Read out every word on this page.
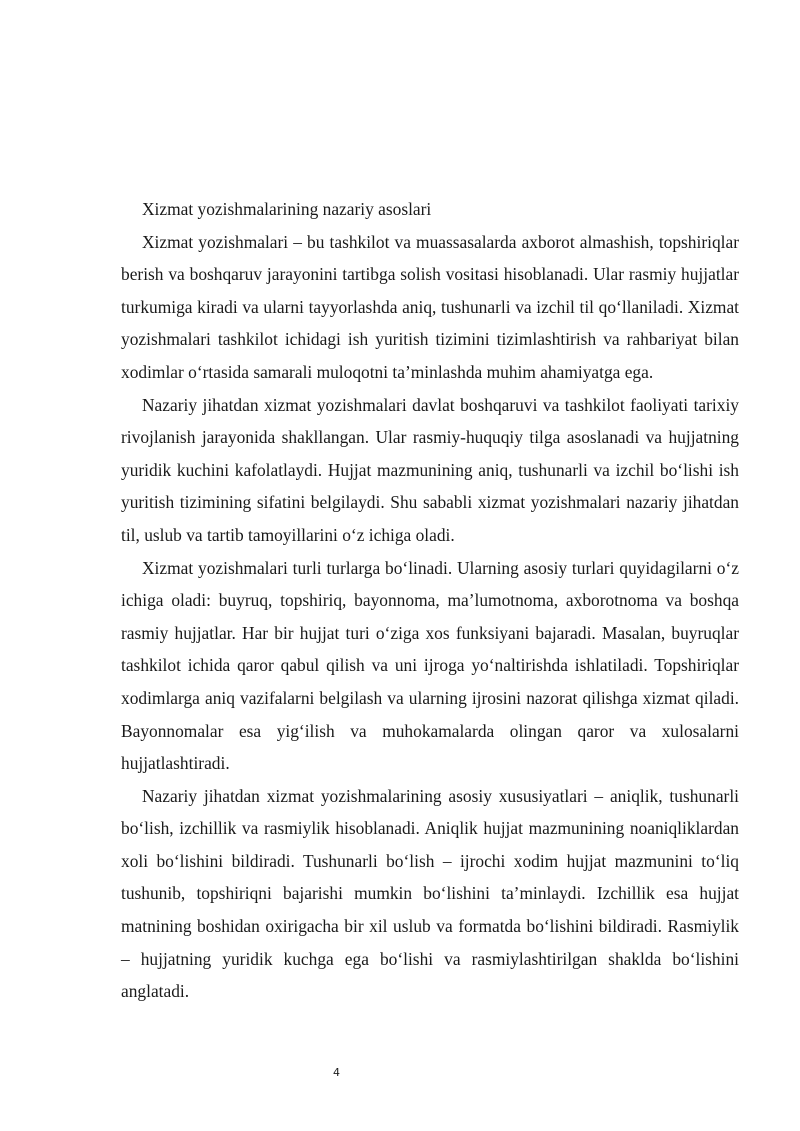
Xizmat yozishmalarining nazariy asoslari

Xizmat yozishmalari – bu tashkilot va muassasalarda axborot almashish, topshiriqlar berish va boshqaruv jarayonini tartibga solish vositasi hisoblanadi. Ular rasmiy hujjatlar turkumiga kiradi va ularni tayyorlashda aniq, tushunarli va izchil til qo‘llaniladi. Xizmat yozishmalari tashkilot ichidagi ish yuritish tizimini tizimlashtirish va rahbariyat bilan xodimlar o‘rtasida samarali muloqotni ta’minlashda muhim ahamiyatga ega.

Nazariy jihatdan xizmat yozishmalari davlat boshqaruvi va tashkilot faoliyati tarixiy rivojlanish jarayonida shakllangan. Ular rasmiy-huquqiy tilga asoslanadi va hujjatning yuridik kuchini kafolatlaydi. Hujjat mazmunining aniq, tushunarli va izchil bo‘lishi ish yuritish tizimining sifatini belgilaydi. Shu sababli xizmat yozishmalari nazariy jihatdan til, uslub va tartib tamoyillarini o‘z ichiga oladi.

Xizmat yozishmalari turli turlarga bo‘linadi. Ularning asosiy turlari quyidagilarni o‘z ichiga oladi: buyruq, topshiriq, bayonnoma, ma’lumotnoma, axborotnoma va boshqa rasmiy hujjatlar. Har bir hujjat turi o‘ziga xos funksiyani bajaradi. Masalan, buyruqlar tashkilot ichida qaror qabul qilish va uni ijroga yo‘naltirishda ishlatiladi. Topshiriqlar xodimlarga aniq vazifalarni belgilash va ularning ijrosini nazorat qilishga xizmat qiladi. Bayonnomalar esa yig‘ilish va muhokamalarda olingan qaror va xulosalarni hujjatlashtiradi.

Nazariy jihatdan xizmat yozishmalarining asosiy xususiyatlari – aniqlik, tushunarli bo‘lish, izchillik va rasmiylik hisoblanadi. Aniqlik hujjat mazmunining noaniqliklardan xoli bo‘lishini bildiradi. Tushunarli bo‘lish – ijrochi xodim hujjat mazmunini to‘liq tushunib, topshiriqni bajarishi mumkin bo‘lishini ta’minlaydi. Izchillik esa hujjat matnining boshidan oxirigacha bir xil uslub va formatda bo‘lishini bildiradi. Rasmiylik – hujjatning yuridik kuchga ega bo‘lishi va rasmiylashtirilgan shaklda bo‘lishini anglatadi.

4
